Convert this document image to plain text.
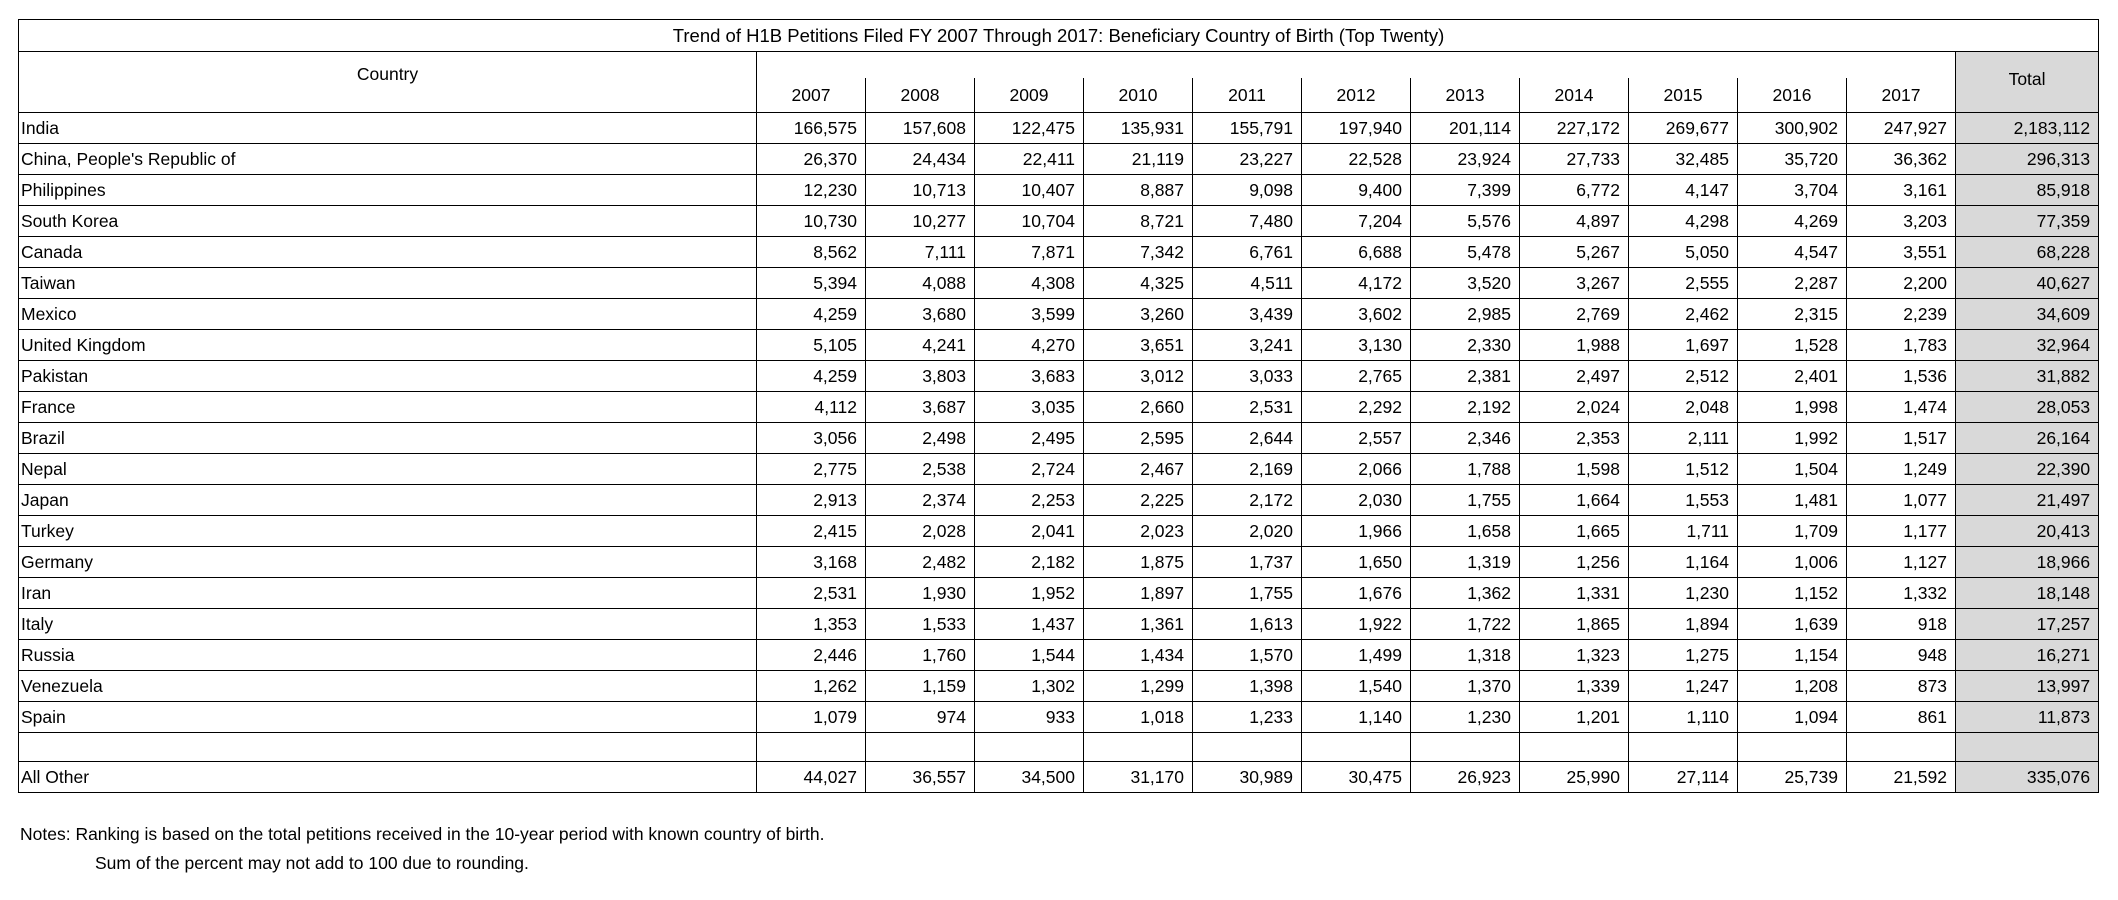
Trend of H1B Petitions Filed FY 2007 Through 2017: Beneficiary Country of Birth (Top Twenty)												
Country												Total
	2007	2008	2009	2010	2011	2012	2013	2014	2015	2016	2017	
India	166,575	157,608	122,475	135,931	155,791	197,940	201,114	227,172	269,677	300,902	247,927	2,183,112
China, People's Republic of	26,370	24,434	22,411	21,119	23,227	22,528	23,924	27,733	32,485	35,720	36,362	296,313
Philippines	12,230	10,713	10,407	8,887	9,098	9,400	7,399	6,772	4,147	3,704	3,161	85,918
South Korea	10,730	10,277	10,704	8,721	7,480	7,204	5,576	4,897	4,298	4,269	3,203	77,359
Canada	8,562	7,111	7,871	7,342	6,761	6,688	5,478	5,267	5,050	4,547	3,551	68,228
Taiwan	5,394	4,088	4,308	4,325	4,511	4,172	3,520	3,267	2,555	2,287	2,200	40,627
Mexico	4,259	3,680	3,599	3,260	3,439	3,602	2,985	2,769	2,462	2,315	2,239	34,609
United Kingdom	5,105	4,241	4,270	3,651	3,241	3,130	2,330	1,988	1,697	1,528	1,783	32,964
Pakistan	4,259	3,803	3,683	3,012	3,033	2,765	2,381	2,497	2,512	2,401	1,536	31,882
France	4,112	3,687	3,035	2,660	2,531	2,292	2,192	2,024	2,048	1,998	1,474	28,053
Brazil	3,056	2,498	2,495	2,595	2,644	2,557	2,346	2,353	2,111	1,992	1,517	26,164
Nepal	2,775	2,538	2,724	2,467	2,169	2,066	1,788	1,598	1,512	1,504	1,249	22,390
Japan	2,913	2,374	2,253	2,225	2,172	2,030	1,755	1,664	1,553	1,481	1,077	21,497
Turkey	2,415	2,028	2,041	2,023	2,020	1,966	1,658	1,665	1,711	1,709	1,177	20,413
Germany	3,168	2,482	2,182	1,875	1,737	1,650	1,319	1,256	1,164	1,006	1,127	18,966
Iran	2,531	1,930	1,952	1,897	1,755	1,676	1,362	1,331	1,230	1,152	1,332	18,148
Italy	1,353	1,533	1,437	1,361	1,613	1,922	1,722	1,865	1,894	1,639	918	17,257
Russia	2,446	1,760	1,544	1,434	1,570	1,499	1,318	1,323	1,275	1,154	948	16,271
Venezuela	1,262	1,159	1,302	1,299	1,398	1,540	1,370	1,339	1,247	1,208	873	13,997
Spain	1,079	974	933	1,018	1,233	1,140	1,230	1,201	1,110	1,094	861	11,873

All Other	44,027	36,557	34,500	31,170	30,989	30,475	26,923	25,990	27,114	25,739	21,592	335,076
Notes: Ranking is based on the total petitions received in the 10-year period with known country of birth.
Sum of the percent may not add to 100 due to rounding.
